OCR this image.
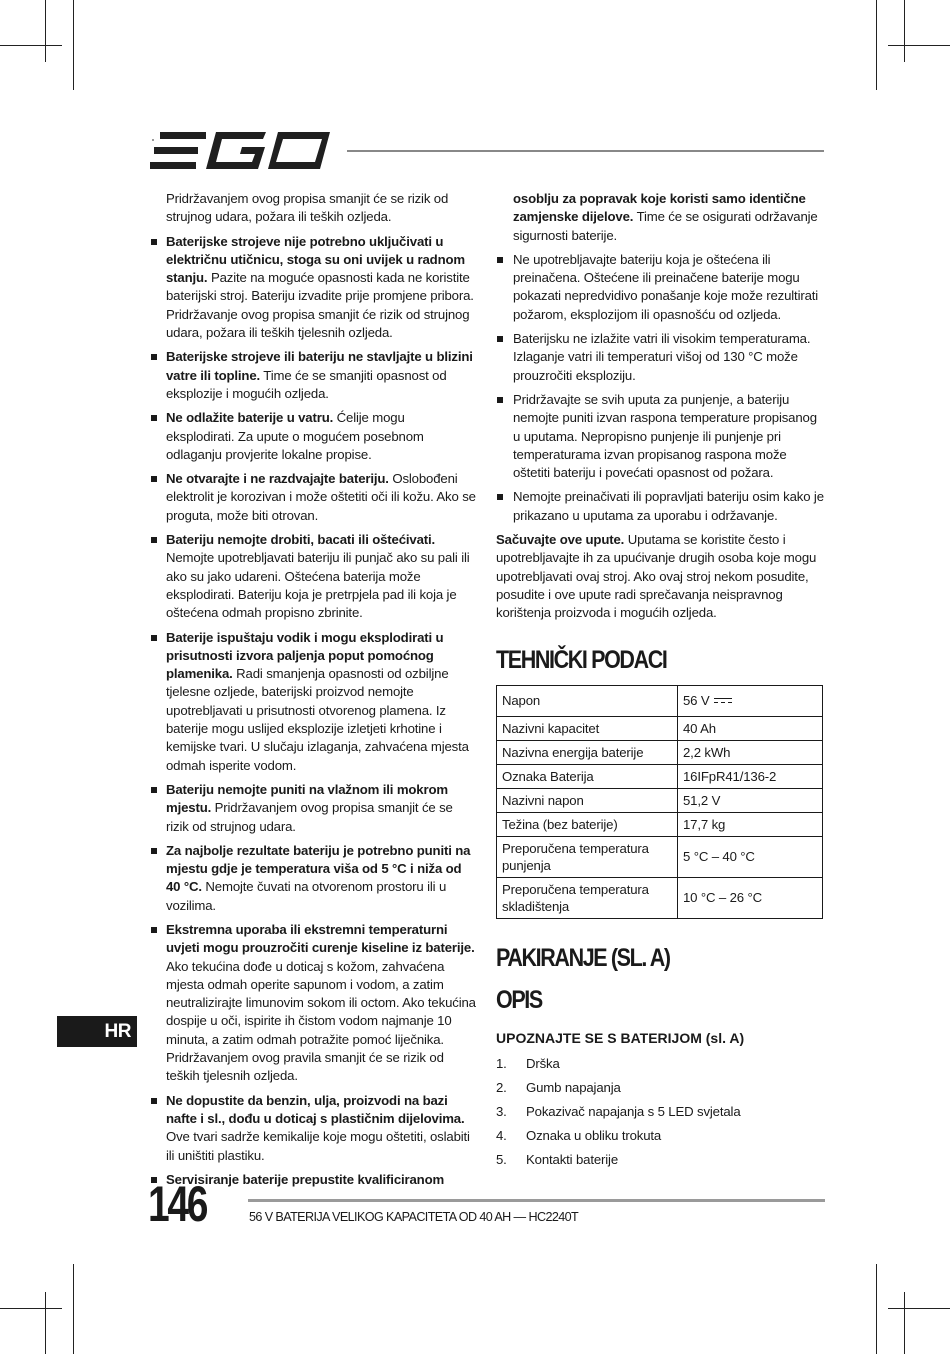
Pridržavanjem ovog propisa smanjit će se rizik od strujnog udara, požara ili teških ozljeda.

Baterijske strojeve nije potrebno uključivati u električnu utičnicu, stoga su oni uvijek u radnom stanju. Pazite na moguće opasnosti kada ne koristite baterijski stroj. Bateriju izvadite prije promjene pribora. Pridržavanje ovog propisa smanjit će rizik od strujnog udara, požara ili teških tjelesnih ozljeda.
Baterijske strojeve ili bateriju ne stavljajte u blizini vatre ili topline. Time će se smanjiti opasnost od eksplozije i mogućih ozljeda.
Ne odlažite baterije u vatru. Ćelije mogu eksplodirati. Za upute o mogućem posebnom odlaganju provjerite lokalne propise.
Ne otvarajte i ne razdvajajte bateriju. Oslobođeni elektrolit je korozivan i može oštetiti oči ili kožu. Ako se proguta, može biti otrovan.
Bateriju nemojte drobiti, bacati ili oštećivati. Nemojte upotrebljavati bateriju ili punjač ako su pali ili ako su jako udareni. Oštećena baterija može eksplodirati. Bateriju koja je pretrpjela pad ili koja je oštećena odmah propisno zbrinite.
Baterije ispuštaju vodik i mogu eksplodirati u prisutnosti izvora paljenja poput pomoćnog plamenika. Radi smanjenja opasnosti od ozbiljne tjelesne ozljede, baterijski proizvod nemojte upotrebljavati u prisutnosti otvorenog plamena. Iz baterije mogu uslijed eksplozije izletjeti krhotine i kemijske tvari. U slučaju izlaganja, zahvaćena mjesta odmah isperite vodom.
Bateriju nemojte puniti na vlažnom ili mokrom mjestu. Pridržavanjem ovog propisa smanjit će se rizik od strujnog udara.
Za najbolje rezultate bateriju je potrebno puniti na mjestu gdje je temperatura viša od 5 °C i niža od 40 °C. Nemojte čuvati na otvorenom prostoru ili u vozilima.
Ekstremna uporaba ili ekstremni temperaturni uvjeti mogu prouzročiti curenje kiseline iz baterije. Ako tekućina dođe u doticaj s kožom, zahvaćena mjesta odmah operite sapunom i vodom, a zatim neutralizirajte limunovim sokom ili octom. Ako tekućina dospije u oči, ispirite ih čistom vodom najmanje 10 minuta, a zatim odmah potražite pomoć liječnika. Pridržavanjem ovog pravila smanjit će se rizik od teških tjelesnih ozljeda.
Ne dopustite da benzin, ulja, proizvodi na bazi nafte i sl., dođu u doticaj s plastičnim dijelovima. Ove tvari sadrže kemikalije koje mogu oštetiti, oslabiti ili uništiti plastiku.
Servisiranje baterije prepustite kvalificiranom

osoblju za popravak koje koristi samo identične zamjenske dijelove. Time će se osigurati održavanje sigurnosti baterije.

Ne upotrebljavajte bateriju koja je oštećena ili preinačena. Oštećene ili preinačene baterije mogu pokazati nepredvidivo ponašanje koje može rezultirati požarom, eksplozijom ili opasnošću od ozljeda.
Baterijsku ne izlažite vatri ili visokim temperaturama. Izlaganje vatri ili temperaturi višoj od 130 °C može prouzročiti eksploziju.
Pridržavajte se svih uputa za punjenje, a bateriju nemojte puniti izvan raspona temperature propisanog u uputama. Nepropisno punjenje ili punjenje pri temperaturama izvan propisanog raspona može oštetiti bateriju i povećati opasnost od požara.
Nemojte preinačivati ili popravljati bateriju osim kako je prikazano u uputama za uporabu i održavanje.

Sačuvajte ove upute. Uputama se koristite često i upotrebljavajte ih za upućivanje drugih osoba koje mogu upotrebljavati ovaj stroj. Ako ovaj stroj nekom posudite, posudite i ove upute radi sprečavanja neispravnog korištenja proizvoda i mogućih ozljeda.

TEHNIČKI PODACI
Napon	56 V

Nazivni kapacitet	40 Ah
Nazivna energija baterije	2,2 kWh
Oznaka Baterija	16IFpR41/136-2
Nazivni napon	51,2 V
Težina (bez baterije)	17,7 kg
Preporučena temperatura punjenja	5 °C – 40 °C
Preporučena temperatura skladištenja	10 °C – 26 °C
PAKIRANJE (SL. A)
OPIS
UPOZNAJTE SE S BATERIJOM (sl. A)
1.	Drška
2.	Gumb napajanja
3.	Pokazivač napajanja s 5 LED svjetala
4.	Oznaka u obliku trokuta
5.	Kontakti baterije
HR
146	56 V BATERIJA VELIKOG KAPACITETA OD 40 AH — HC2240T
